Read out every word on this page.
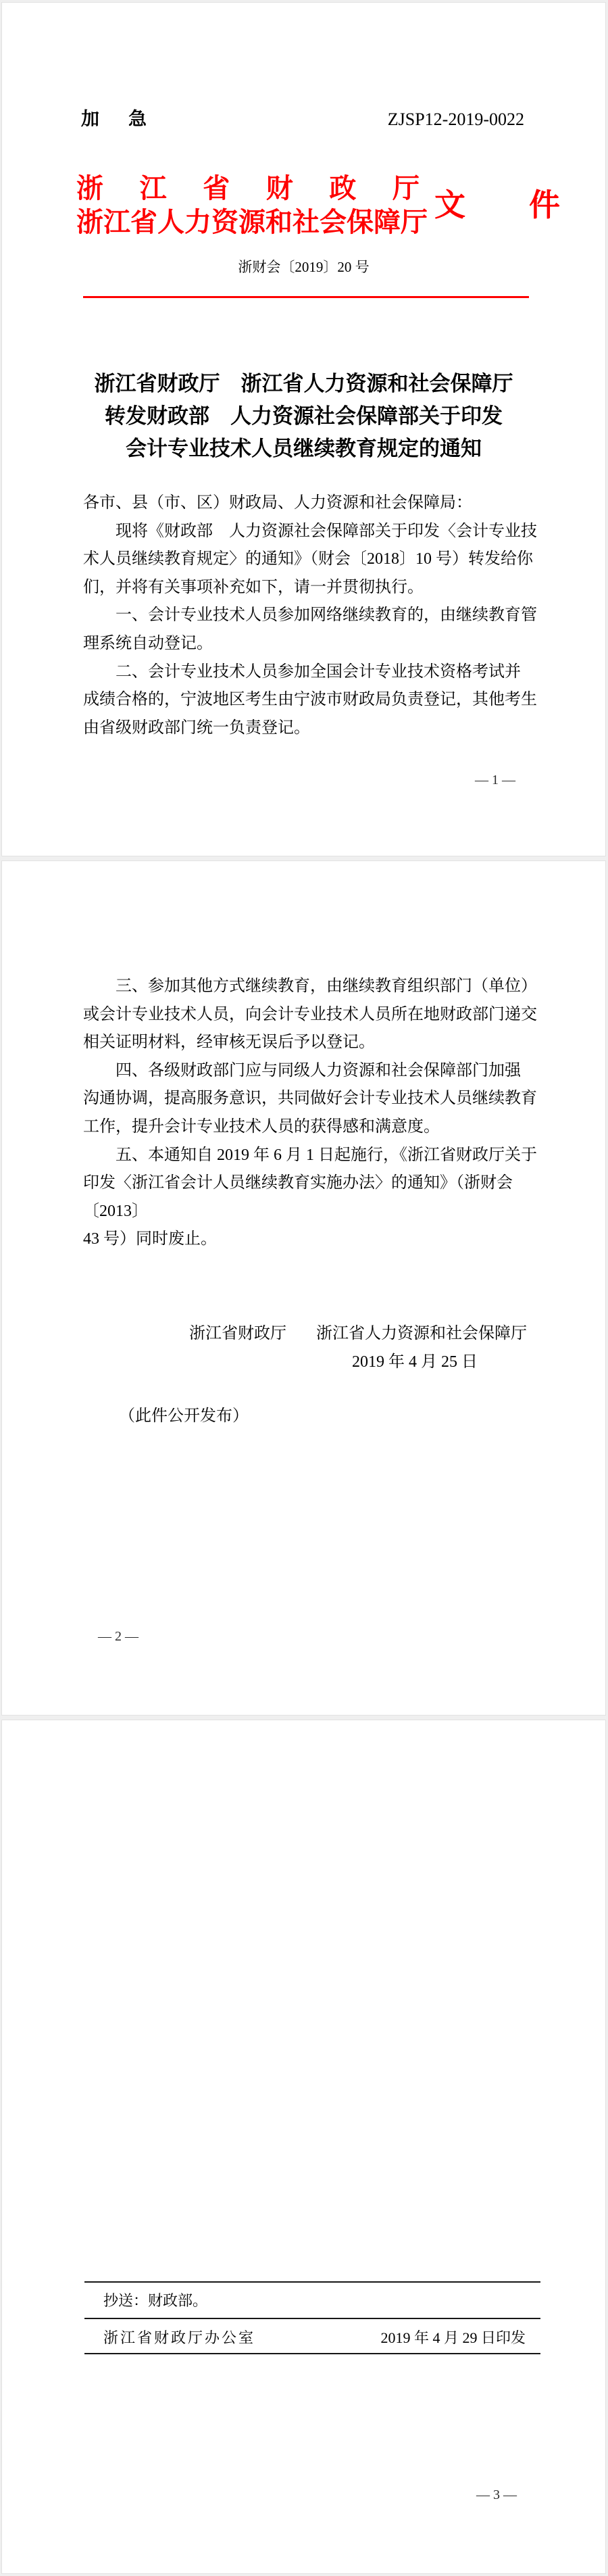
加　急	ZJSP12-2019-0022
浙 江 省 财 政 厅
浙 江 省 人 力 资 源 和 社 会 保 障 厅 文 件
浙财会〔2019〕20 号
浙江省财政厅　浙江省人力资源和社会保障厅
转发财政部　人力资源社会保障部关于印发
会计专业技术人员继续教育规定的通知
各市、县（市、区）财政局、人力资源和社会保障局：
　　现将《财政部　人力资源社会保障部关于印发〈会计专业技
术人员继续教育规定〉的通知》（财会〔2018〕10 号）转发给你
们，并将有关事项补充如下，请一并贯彻执行。
　　一、会计专业技术人员参加网络继续教育的，由继续教育管
理系统自动登记。
　　二、会计专业技术人员参加全国会计专业技术资格考试并
成绩合格的，宁波地区考生由宁波市财政局负责登记，其他考生
由省级财政部门统一负责登记。
— 1 —
　　三、参加其他方式继续教育，由继续教育组织部门（单位）
或会计专业技术人员，向会计专业技术人员所在地财政部门递交
相关证明材料，经审核无误后予以登记。
　　四、各级财政部门应与同级人力资源和社会保障部门加强
沟通协调，提高服务意识，共同做好会计专业技术人员继续教育
工作，提升会计专业技术人员的获得感和满意度。
　　五、本通知自 2019 年 6 月 1 日起施行，《浙江省财政厅关于
印发〈浙江省会计人员继续教育实施办法〉的通知》（浙财会〔2013〕
43 号）同时废止。
浙江省财政厅 浙江省人力资源和社会保障厅
2019 年 4 月 25 日
（此件公开发布）
— 2 —
抄送：财政部。
浙江省财政厅办公室	2019 年 4 月 29 日印发
— 3 —
